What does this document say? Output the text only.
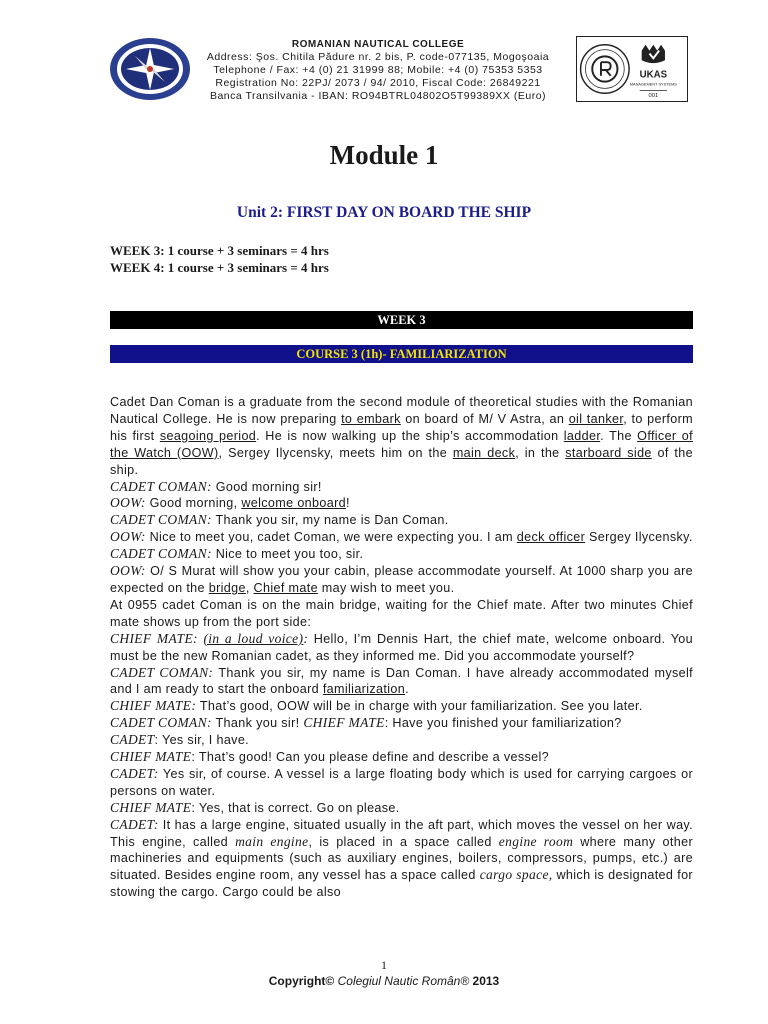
ROMANIAN NAUTICAL COLLEGE
Address: Şos. Chitila Pădure nr. 2 bis, P. code-077135, Mogoşoaia
Telephone / Fax: +4 (0) 21 31999 88; Mobile: +4 (0) 75353 5353
Registration No: 22PJ/ 2073 / 94/ 2010, Fiscal Code: 26849221
Banca Transilvania - IBAN: RO94BTRL04802O5T99389XX (Euro)
UKAS
MANAGEMENT SYSTEMS
001
Module 1
Unit 2: FIRST DAY ON BOARD THE SHIP
WEEK 3: 1 course + 3 seminars = 4 hrs
WEEK 4: 1 course + 3 seminars = 4 hrs
WEEK 3
COURSE 3 (1h)- FAMILIARIZATION

Cadet Dan Coman is a graduate from the second module of theoretical studies with the Romanian Nautical College. He is now preparing to embark on board of M/ V Astra, an oil tanker, to perform his first seagoing period. He is now walking up the ship’s accommodation ladder. The Officer of the Watch (OOW), Sergey Ilycensky, meets him on the main deck, in the starboard side of the ship.

CADET COMAN: Good morning sir!

OOW: Good morning, welcome onboard!

CADET COMAN: Thank you sir, my name is Dan Coman.

OOW: Nice to meet you, cadet Coman, we were expecting you. I am deck officer Sergey Ilycensky.

CADET COMAN: Nice to meet you too, sir.

OOW: O/ S Murat will show you your cabin, please accommodate yourself. At 1000 sharp you are expected on the bridge, Chief mate may wish to meet you.

At 0955 cadet Coman is on the main bridge, waiting for the Chief mate. After two minutes Chief mate shows up from the port side:

CHIEF MATE: (in a loud voice): Hello, I’m Dennis Hart, the chief mate, welcome onboard. You must be the new Romanian cadet, as they informed me. Did you accommodate yourself?

CADET COMAN: Thank you sir, my name is Dan Coman. I have already accommodated myself and I am ready to start the onboard familiarization.

CHIEF MATE: That’s good, OOW will be in charge with your familiarization. See you later.

CADET COMAN: Thank you sir! CHIEF MATE: Have you finished your familiarization?

CADET: Yes sir, I have.

CHIEF MATE: That’s good! Can you please define and describe a vessel?

CADET: Yes sir, of course. A vessel is a large floating body which is used for carrying cargoes or persons on water.

CHIEF MATE: Yes, that is correct. Go on please.

CADET: It has a large engine, situated usually in the aft part, which moves the vessel on her way. This engine, called main engine, is placed in a space called engine room where many other machineries and equipments (such as auxiliary engines, boilers, compressors, pumps, etc.) are situated. Besides engine room, any vessel has a space called cargo space, which is designated for stowing the cargo. Cargo could be also

1
Copyright© Colegiul Nautic Român® 2013
